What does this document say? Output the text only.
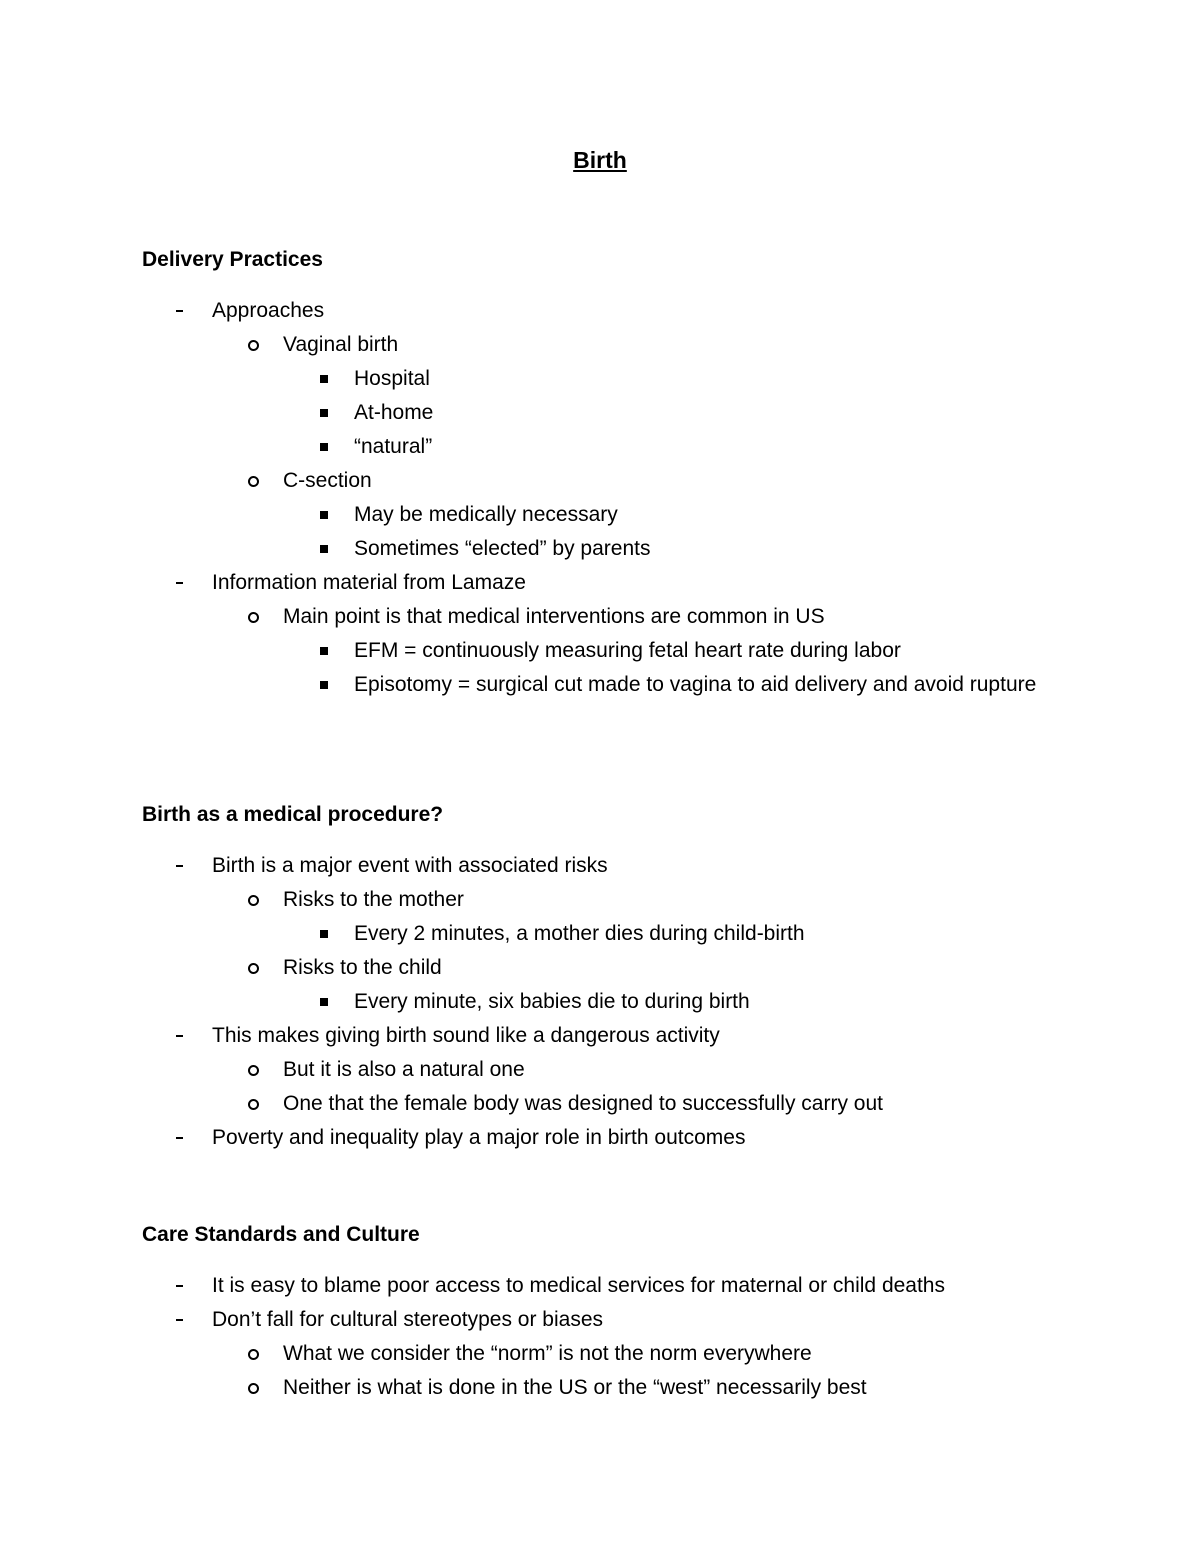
Birth
Delivery Practices
Approaches
Vaginal birth
Hospital
At-home
“natural”
C-section
May be medically necessary
Sometimes “elected” by parents
Information material from Lamaze
Main point is that medical interventions are common in US
EFM = continuously measuring fetal heart rate during labor
Episotomy = surgical cut made to vagina to aid delivery and avoid rupture
Birth as a medical procedure?
Birth is a major event with associated risks
Risks to the mother
Every 2 minutes, a mother dies during child-birth
Risks to the child
Every minute, six babies die to during birth
This makes giving birth sound like a dangerous activity
But it is also a natural one
One that the female body was designed to successfully carry out
Poverty and inequality play a major role in birth outcomes
Care Standards and Culture
It is easy to blame poor access to medical services for maternal or child deaths
Don’t fall for cultural stereotypes or biases
What we consider the “norm” is not the norm everywhere
Neither is what is done in the US or the “west” necessarily best
